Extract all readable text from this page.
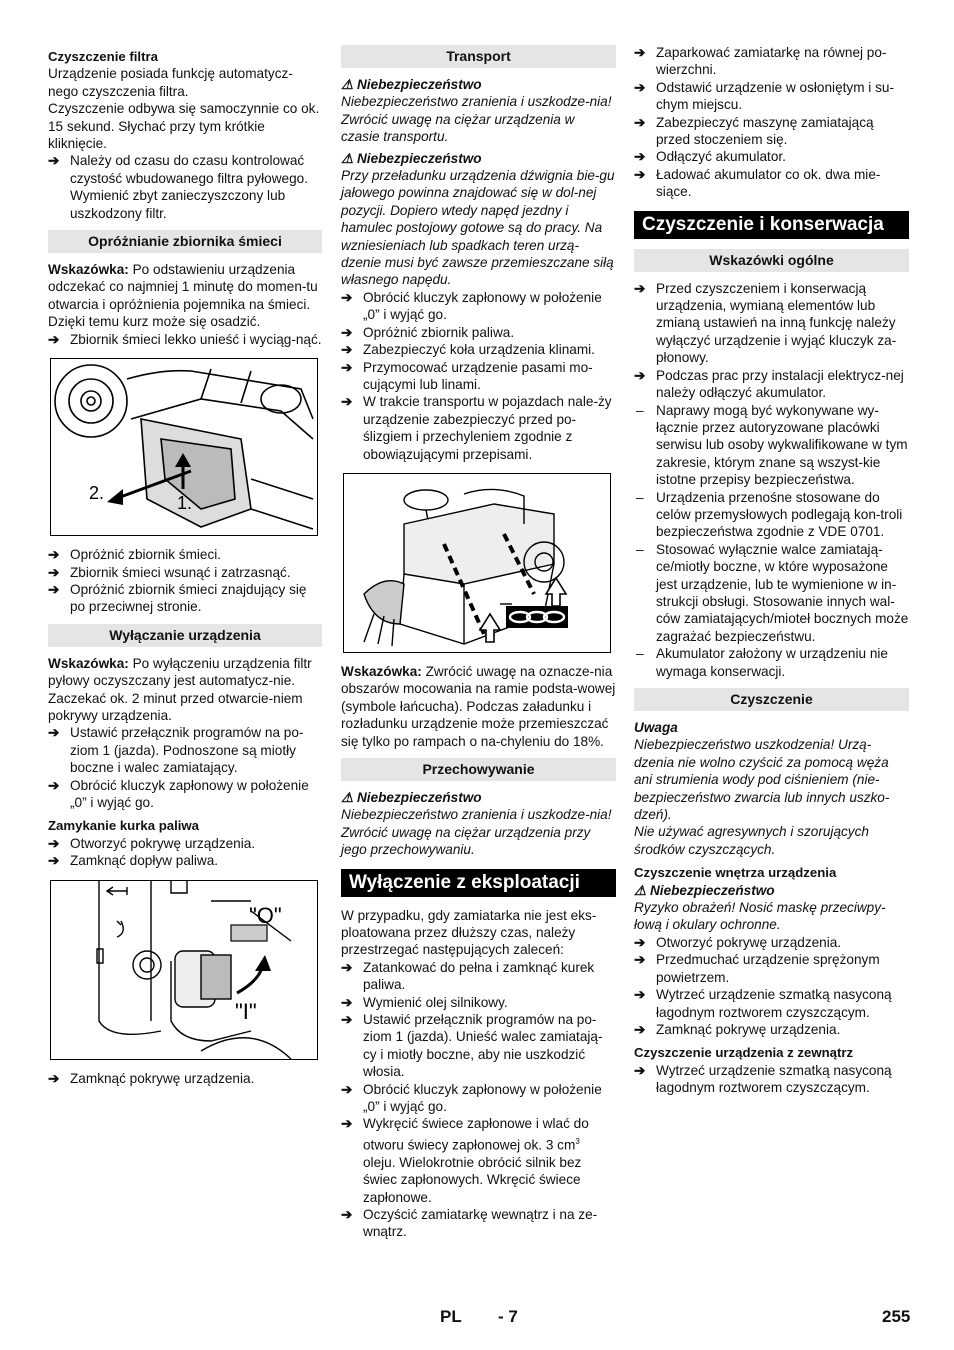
Czyszczenie filtra
Urządzenie posiada funkcję automatycz-nego czyszczenia filtra.
Czyszczenie odbywa się samoczynnie co ok. 15 sekund. Słychać przy tym krótkie kliknięcie.
➔ Należy od czasu do czasu kontrolować czystość wbudowanego filtra pyłowego. Wymienić zbyt zanieczyszczony lub uszkodzony filtr.
Opróżnianie zbiornika śmieci
Wskazówka: Po odstawieniu urządzenia odczekać co najmniej 1 minutę do momen-tu otwarcia i opróżnienia pojemnika na śmieci. Dzięki temu kurz może się osadzić.
➔ Zbiornik śmieci lekko unieść i wyciąg-nąć.
2.	1.
➔ Opróżnić zbiornik śmieci.
➔ Zbiornik śmieci wsunąć i zatrzasnąć.
➔ Opróżnić zbiornik śmieci znajdujący się po przeciwnej stronie.
Wyłączanie urządzenia
Wskazówka: Po wyłączeniu urządzenia filtr pyłowy oczyszczany jest automatycz-nie. Zaczekać ok. 2 minut przed otwarcie-niem pokrywy urządzenia.
➔ Ustawić przełącznik programów na po-ziom 1 (jazda). Podnoszone są miotły boczne i walec zamiatający.
➔ Obrócić kluczyk zapłonowy w położenie „0” i wyjąć go.
Zamykanie kurka paliwa
➔ Otworzyć pokrywę urządzenia.
➔ Zamknąć dopływ paliwa.
"O"
"I"
➔ Zamknąć pokrywę urządzenia.
Transport
⚠ Niebezpieczeństwo
Niebezpieczeństwo zranienia i uszkodze-nia! Zwrócić uwagę na ciężar urządzenia w czasie transportu.
⚠ Niebezpieczeństwo
Przy przeładunku urządzenia dźwignia bie-gu jałowego powinna znajdować się w dol-nej pozycji. Dopiero wtedy napęd jezdny i hamulec postojowy gotowe są do pracy. Na wzniesieniach lub spadkach teren urzą-dzenie musi być zawsze przemieszczane siłą własnego napędu.
➔ Obrócić kluczyk zapłonowy w położenie „0” i wyjąć go.
➔ Opróżnić zbiornik paliwa.
➔ Zabezpieczyć koła urządzenia klinami.
➔ Przymocować urządzenie pasami mo-cującymi lub linami.
➔ W trakcie transportu w pojazdach nale-ży urządzenie zabezpieczyć przed po-ślizgiem i przechyleniem zgodnie z obowiązującymi przepisami.
Wskazówka: Zwrócić uwagę na oznacze-nia obszarów mocowania na ramie podsta-wowej (symbole łańcucha). Podczas załadunku i rozładunku urządzenie może przemieszczać się tylko po rampach o na-chyleniu do 18%.
Przechowywanie
⚠ Niebezpieczeństwo
Niebezpieczeństwo zranienia i uszkodze-nia! Zwrócić uwagę na ciężar urządzenia przy jego przechowywaniu.
Wyłączenie z eksploatacji
W przypadku, gdy zamiatarka nie jest eks-ploatowana przez dłuższy czas, należy przestrzegać następujących zaleceń:
➔ Zatankować do pełna i zamknąć kurek paliwa.
➔ Wymienić olej silnikowy.
➔ Ustawić przełącznik programów na po-ziom 1 (jazda). Unieść walec zamiatają-cy i miotły boczne, aby nie uszkodzić włosia.
➔ Obrócić kluczyk zapłonowy w położenie „0” i wyjąć go.
➔ Wykręcić świece zapłonowe i wlać do otworu świecy zapłonowej ok. 3 $cm^3$ oleju. Wielokrotnie obrócić silnik bez świec zapłonowych. Wkręcić świece zapłonowe.
➔ Oczyścić zamiatarkę wewnątrz i na ze-wnątrz.
➔ Zaparkować zamiatarkę na równej po-wierzchni.
➔ Odstawić urządzenie w osłoniętym i su-chym miejscu.
➔ Zabezpieczyć maszynę zamiatającą przed stoczeniem się.
➔ Odłączyć akumulator.
➔ Ładować akumulator co ok. dwa mie-siące.
Czyszczenie i konserwacja
Wskazówki ogólne
➔ Przed czyszczeniem i konserwacją urządzenia, wymianą elementów lub zmianą ustawień na inną funkcję należy wyłączyć urządzenie i wyjąć kluczyk za-płonowy.
➔ Podczas prac przy instalacji elektrycz-nej należy odłączyć akumulator.
– Naprawy mogą być wykonywane wy-łącznie przez autoryzowane placówki serwisu lub osoby wykwalifikowane w tym zakresie, którym znane są wszyst-kie istotne przepisy bezpieczeństwa.
– Urządzenia przenośne stosowane do celów przemysłowych podlegają kon-troli bezpieczeństwa zgodnie z VDE 0701.
– Stosować wyłącznie walce zamiatają-ce/miotły boczne, w które wyposażone jest urządzenie, lub te wymienione w in-strukcji obsługi. Stosowanie innych wal-ców zamiatających/mioteł bocznych może zagrażać bezpieczeństwu.
– Akumulator założony w urządzeniu nie wymaga konserwacji.
Czyszczenie
Uwaga
Niebezpieczeństwo uszkodzenia! Urzą-dzenia nie wolno czyścić za pomocą węża ani strumienia wody pod ciśnieniem (nie-bezpieczeństwo zwarcia lub innych uszko-dzeń).
Nie używać agresywnych i szorujących środków czyszczących.
Czyszczenie wnętrza urządzenia
⚠ Niebezpieczeństwo
Ryzyko obrażeń! Nosić maskę przeciwpy-łową i okulary ochronne.
➔ Otworzyć pokrywę urządzenia.
➔ Przedmuchać urządzenie sprężonym powietrzem.
➔ Wytrzeć urządzenie szmatką nasyconą łagodnym roztworem czyszczącym.
➔ Zamknąć pokrywę urządzenia.
Czyszczenie urządzenia z zewnątrz
➔ Wytrzeć urządzenie szmatką nasyconą łagodnym roztworem czyszczącym.
PL - 7	255
